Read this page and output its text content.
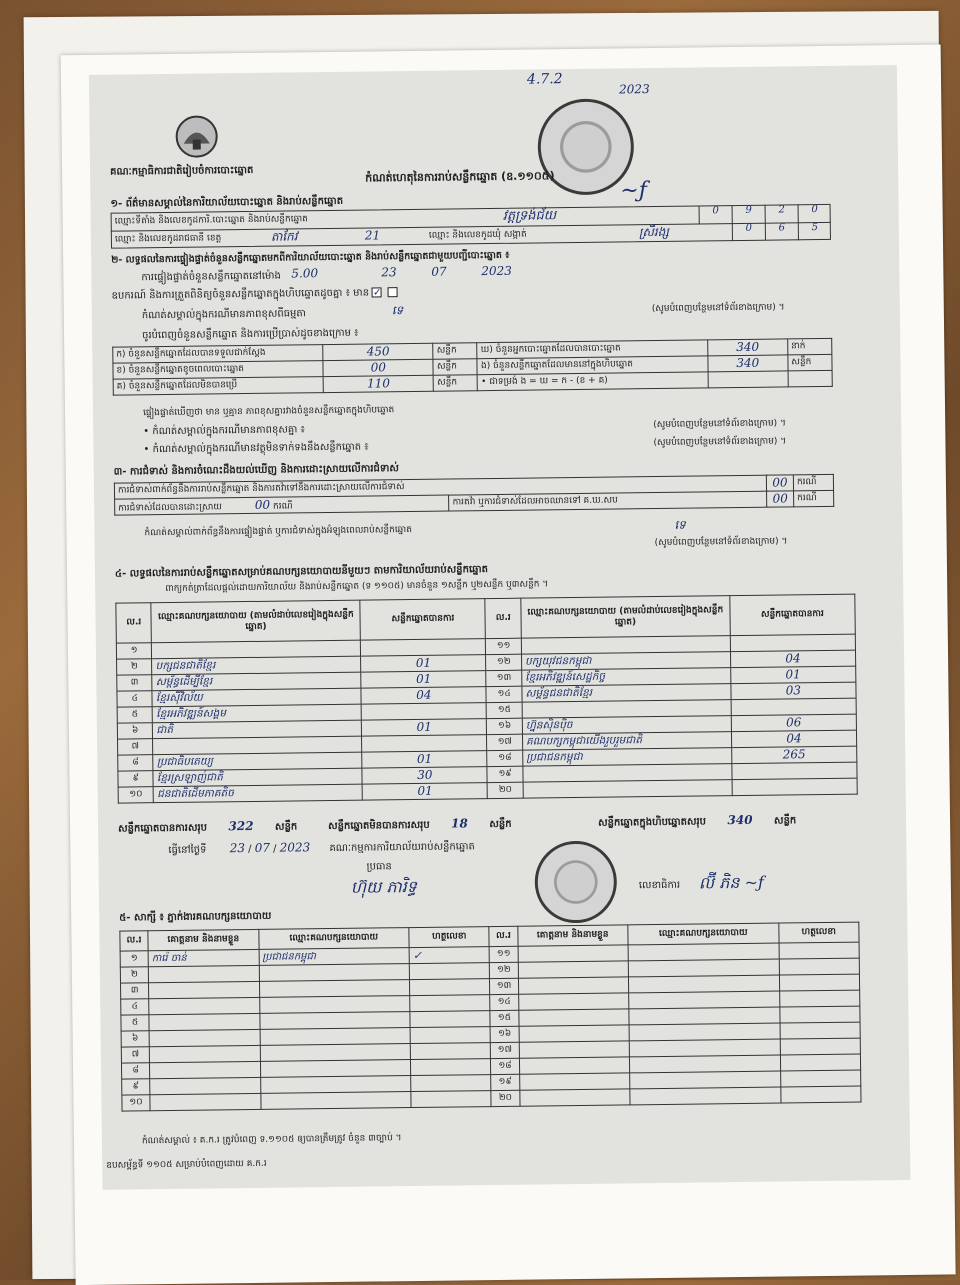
4.7.2
2023
គណៈកម្មាធិការជាតិរៀបចំការបោះឆ្នោត
~ƒ
កំណត់ហេតុនៃការរាប់សន្លឹកឆ្នោត (ឧ.១១០៥)
១- ព័ត៌មានសម្គាល់នៃការិយាល័យបោះឆ្នោត និងរាប់សន្លឹកឆ្នោត
ឈ្មោះទីតាំង និងលេខកូដការិ.បោះឆ្នោត និងរាប់សន្លឹកឆ្នោត	វត្តទ្រង់ជ័យ	0	9	2	0
ឈ្មោះ និងលេខកូដរាជធានី ខេត្ត	តាកែវ	21	ឈ្មោះ និងលេខកូដឃុំ សង្កាត់	ស្រីរង្ស	0	6	5
២- លទ្ធផលនៃការផ្ទៀងផ្ទាត់ចំនួនសន្លឹកឆ្នោតមកពីការិយាល័យបោះឆ្នោត និងរាប់សន្លឹកឆ្នោតជាមួយបញ្ជីបោះឆ្នោត ៖
ការផ្ទៀងផ្ទាត់ចំនួនសន្លឹកឆ្នោតនៅម៉ោង 5.00	23	07	2023
ឧបករណ៍ និងការត្រួតពិនិត្យចំនួនសន្លឹកឆ្នោតក្នុងហិបឆ្នោតដូចគ្នា ៖ មាន✓
កំណត់សម្គាល់ក្នុងករណីមានភាពខុសពីធម្មតា	ទេ	(សូមបំពេញបន្ថែមនៅទំព័រខាងក្រោម) ។
ចូរបំពេញចំនួនសន្លឹកឆ្នោត និងការប្រើប្រាស់ដូចខាងក្រោម ៖
ក) ចំនួនសន្លឹកឆ្នោតដែលបានទទួលជាក់ស្តែង	450	សន្លឹក	ឃ) ចំនួនអ្នកបោះឆ្នោតដែលបានបោះឆ្នោត	340	នាក់
ខ) ចំនួនសន្លឹកឆ្នោតខូចពេលបោះឆ្នោត	00	សន្លឹក	ង) ចំនួនសន្លឹកឆ្នោតដែលមាននៅក្នុងហិបឆ្នោត	340	សន្លឹក
គ) ចំនួនសន្លឹកឆ្នោតដែលមិនបានប្រើ	110	សន្លឹក	• ជាទម្រង់ ង = ឃ = ក - (ខ + គ)		
ផ្ទៀងផ្ទាត់ឃើញថា មាន ឬគ្មាន ភាពខុសគ្នារវាងចំនួនសន្លឹកឆ្នោតក្នុងហិបឆ្នោត
• កំណត់សម្គាល់ក្នុងករណីមានភាពខុសគ្នា ៖
(សូមបំពេញបន្ថែមនៅទំព័រខាងក្រោម) ។
• កំណត់សម្គាល់ក្នុងករណីមានវត្ថុមិនទាក់ទងនឹងសន្លឹកឆ្នោត ៖	(សូមបំពេញបន្ថែមនៅទំព័រខាងក្រោម) ។
៣- ការជំទាស់ និងការចំណេះដឹងយល់ឃើញ និងការដោះស្រាយលើការជំទាស់
ការជំទាស់ពាក់ព័ន្ធនឹងការរាប់សន្លឹកឆ្នោត និងការតវ៉ាទៅនឹងការដោះស្រាយលើការជំទាស់		00	ករណី
ការជំទាស់ដែលបានដោះស្រាយ 00 ករណី	ការតវ៉ា ឬការជំទាស់ដែលអាចឈានទៅ គ.ឃ.សប	00	ករណី
កំណត់សម្គាល់ពាក់ព័ន្ធនឹងការផ្ទៀងផ្ទាត់ ឬការជំទាស់ក្នុងអំឡុងពេលរាប់សន្លឹកឆ្នោត	ទេ
(សូមបំពេញបន្ថែមនៅទំព័រខាងក្រោម) ។
៤- លទ្ធផលនៃការរាប់សន្លឹកឆ្នោតសម្រាប់គណបក្សនយោបាយនីមួយៗ តាមការិយាល័យរាប់សន្លឹកឆ្នោត
ពាក្យកត់ត្រាដែលផ្តល់ដោយការិយាល័យ និងរាប់សន្លឹកឆ្នោត (ទ ១១០៥) មានចំនួន ១សន្លឹក ឬ២សន្លឹក ឬ៣សន្លឹក ។
ល.រ	ឈ្មោះគណបក្សនយោបាយ (តាមលំដាប់លេខរៀងក្នុងសន្លឹកឆ្នោត)	សន្លឹកឆ្នោតបានការ	ល.រ	ឈ្មោះគណបក្សនយោបាយ (តាមលំដាប់លេខរៀងក្នុងសន្លឹកឆ្នោត)	សន្លឹកឆ្នោតបានការ
១			១១		
២	បក្សជនជាតិខ្មែរ	01	១២	បក្សយុវជនកម្ពុជា	04
៣	សម្ព័ន្ធដើម្បីខ្មែរ	01	១៣	ខ្មែរអភិវឌ្ឍន៍សេដ្ឋកិច្ច	01
៤	ខ្មែរស៊ីវិល័យ	04	១៤	សម្ព័ន្ធជនជាតិខ្មែរ	03
៥	ខ្មែរអភិវឌ្ឍន៍សង្គម		១៥		
៦	ជាតិ	01	១៦	ហ្វ៊ុនស៊ិនប៉ិច	06
៧			១៧	គណបក្សកម្ពុជាយើងរួបរួមជាតិ	04
៨	ប្រជាធិបតេយ្យ	01	១៨	ប្រជាជនកម្ពុជា	265
៩	ខ្មែរស្រឡាញ់ជាតិ	30	១៩		
១០	ជនជាតិដើមភាគតិច	01	២០		
សន្លឹកឆ្នោតបានការសរុប 322 សន្លឹក	សន្លឹកឆ្នោតមិនបានការសរុប 18 សន្លឹក	សន្លឹកឆ្នោតក្នុងហិបឆ្នោតសរុប 340 សន្លឹក
ធ្វើនៅថ្ងៃទី 23 / 07 / 2023 គណៈកម្មការការិយាល័យរាប់សន្លឹកឆ្នោត
ប្រធាន
ហ៊ុយ ភារិទ្ធ	លេខាធិការ ល៊ី ភិន ~ƒ
៥- សាក្សី ៖ ភ្នាក់ងារគណបក្សនយោបាយ
ល.រ	គោត្តនាម និងនាមខ្លួន	ឈ្មោះគណបក្សនយោបាយ	ហត្ថលេខា	ល.រ	គោត្តនាម និងនាមខ្លួន	ឈ្មោះគណបក្សនយោបាយ	ហត្ថលេខា
១	ការ៉េ ចាន់	ប្រជាជនកម្ពុជា	✓	១១			
២				១២			
៣				១៣			
៤				១៤			
៥				១៥			
៦				១៦			
៧				១៧			
៨				១៨			
៩				១៩			
១០				២០			
កំណត់សម្គាល់ ៖ គ.ក.រ ត្រូវបំពេញ ទ.១១០៥ ឲ្យបានត្រឹមត្រូវ ចំនួន ៣ច្បាប់ ។
ឧបសម្ព័ន្ធទី ១១០៥ សម្រាប់បំពេញដោយ គ.ក.រ
